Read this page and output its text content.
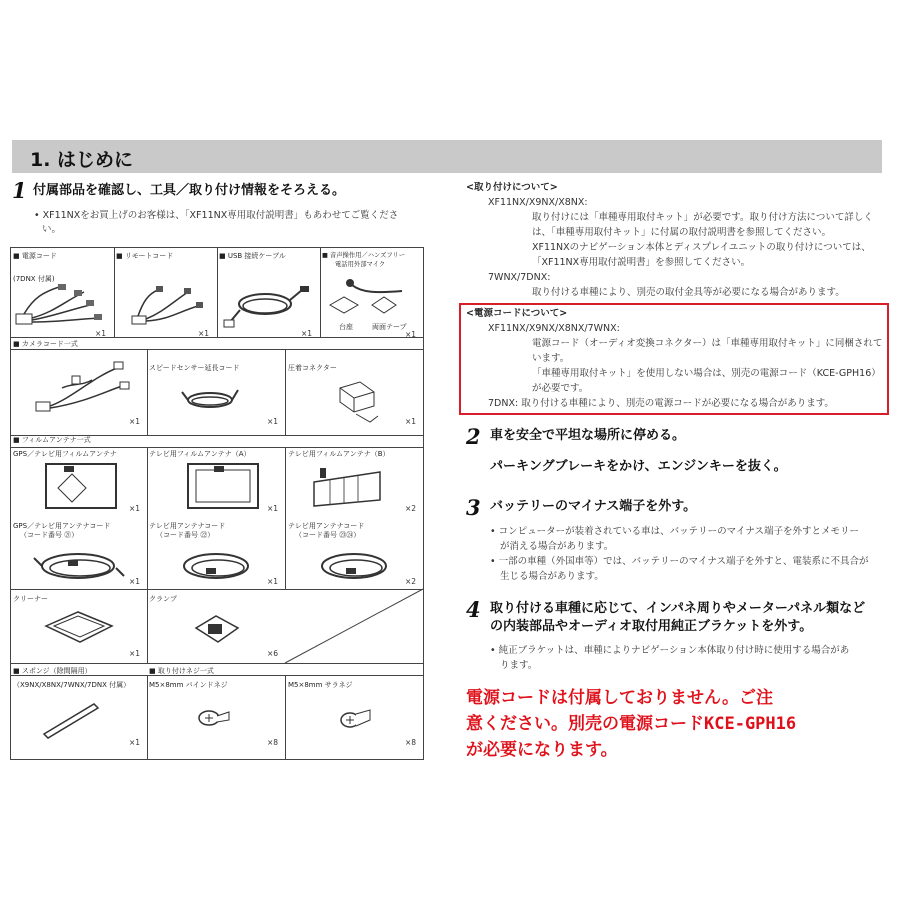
1. はじめに
1 付属部品を確認し、工具／取り付け情報をそろえる。
• XF11NXをお買上げのお客様は、「XF11NX専用取付説明書」もあわせてご覧くださ
い。
■ 電源コード
(7DNX 付属)
×1
■ リモートコード
×1
■ USB 接続ケーブル
×1
■ 音声操作用／ハンズフリー
電話用外部マイク
台座	両面テープ
×1
■ カメラコード一式
×1
スピードセンサー延長コード
×1
圧着コネクター
×1
■ フィルムアンテナ一式
GPS／テレビ用フィルムアンテナ
×1
テレビ用フィルムアンテナ（A）
×1
テレビ用フィルムアンテナ（B）
×2
GPS／テレビ用アンテナコード
（コード番号 ㉑）
×1
テレビ用アンテナコード
（コード番号 ㉒）
×1
テレビ用アンテナコード
（コード番号 ㉓㉔）
×2
クリーナー
×1
クランプ
×6
■ スポンジ（除間隔用）	■ 取り付けネジ一式
（X9NX/X8NX/7WNX/7DNX 付属）
×1
M5×8mm バインドネジ
×8
M5×8mm サラネジ
×8
<取り付けについて>
XF11NX/X9NX/X8NX:
取り付けには「車種専用取付キット」が必要です。取り付け方法について詳しく
は、「車種専用取付キット」に付属の取付説明書を参照してください。
XF11NXのナビゲーション本体とディスプレイユニットの取り付けについては、
「XF11NX専用取付説明書」を参照してください。
7WNX/7DNX:
取り付ける車種により、別売の取付金具等が必要になる場合があります。
<電源コードについて>
XF11NX/X9NX/X8NX/7WNX:
電源コード（オーディオ変換コネクター）は「車種専用取付キット」に同梱されて
います。
「車種専用取付キット」を使用しない場合は、別売の電源コード（KCE-GPH16）
が必要です。
7DNX: 取り付ける車種により、別売の電源コードが必要になる場合があります。
2 車を安全で平坦な場所に停める。
パーキングブレーキをかけ、エンジンキーを抜く。
3 バッテリーのマイナス端子を外す。
• コンピューターが装着されている車は、バッテリーのマイナス端子を外すとメモリー
が消える場合があります。
• 一部の車種（外国車等）では、バッテリーのマイナス端子を外すと、電装系に不具合が
生じる場合があります。
4 取り付ける車種に応じて、インパネ周りやメーターパネル類など
の内装部品やオーディオ取付用純正ブラケットを外す。
• 純正ブラケットは、車種によりナビゲーション本体取り付け時に使用する場合があ
ります。
電源コードは付属しておりません。ご注
意ください。別売の電源コードKCE-GPH16
が必要になります。
